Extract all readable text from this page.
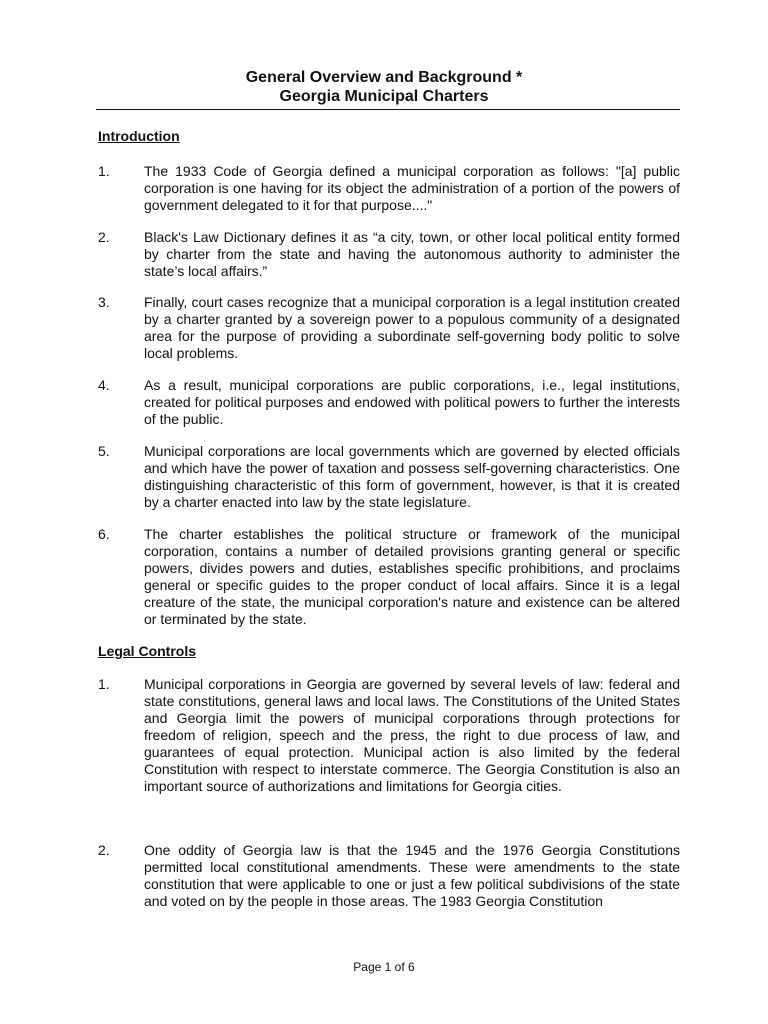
General Overview and Background *

Georgia Municipal Charters

Introduction
1. The 1933 Code of Georgia defined a municipal corporation as follows: "[a] public corporation is one having for its object the administration of a portion of the powers of government delegated to it for that purpose...."

2. Black's Law Dictionary defines it as “a city, town, or other local political entity formed by charter from the state and having the autonomous authority to administer the state’s local affairs.”

3. Finally, court cases recognize that a municipal corporation is a legal institution created by a charter granted by a sovereign power to a populous community of a designated area for the purpose of providing a subordinate self-governing body politic to solve local problems.

4. As a result, municipal corporations are public corporations, i.e., legal institutions, created for political purposes and endowed with political powers to further the interests of the public.

5. Municipal corporations are local governments which are governed by elected officials and which have the power of taxation and possess self-governing characteristics. One distinguishing characteristic of this form of government, however, is that it is created by a charter enacted into law by the state legislature.

6. The charter establishes the political structure or framework of the municipal corporation, contains a number of detailed provisions granting general or specific powers, divides powers and duties, establishes specific prohibitions, and proclaims general or specific guides to the proper conduct of local affairs. Since it is a legal creature of the state, the municipal corporation's nature and existence can be altered or terminated by the state.

Legal Controls
1. Municipal corporations in Georgia are governed by several levels of law: federal and state constitutions, general laws and local laws. The Constitutions of the United States and Georgia limit the powers of municipal corporations through protections for freedom of religion, speech and the press, the right to due process of law, and guarantees of equal protection. Municipal action is also limited by the federal Constitution with respect to interstate commerce. The Georgia Constitution is also an important source of authorizations and limitations for Georgia cities.

2. One oddity of Georgia law is that the 1945 and the 1976 Georgia Constitutions permitted local constitutional amendments. These were amendments to the state constitution that were applicable to one or just a few political subdivisions of the state and voted on by the people in those areas. The 1983 Georgia Constitution

Page 1 of 6
